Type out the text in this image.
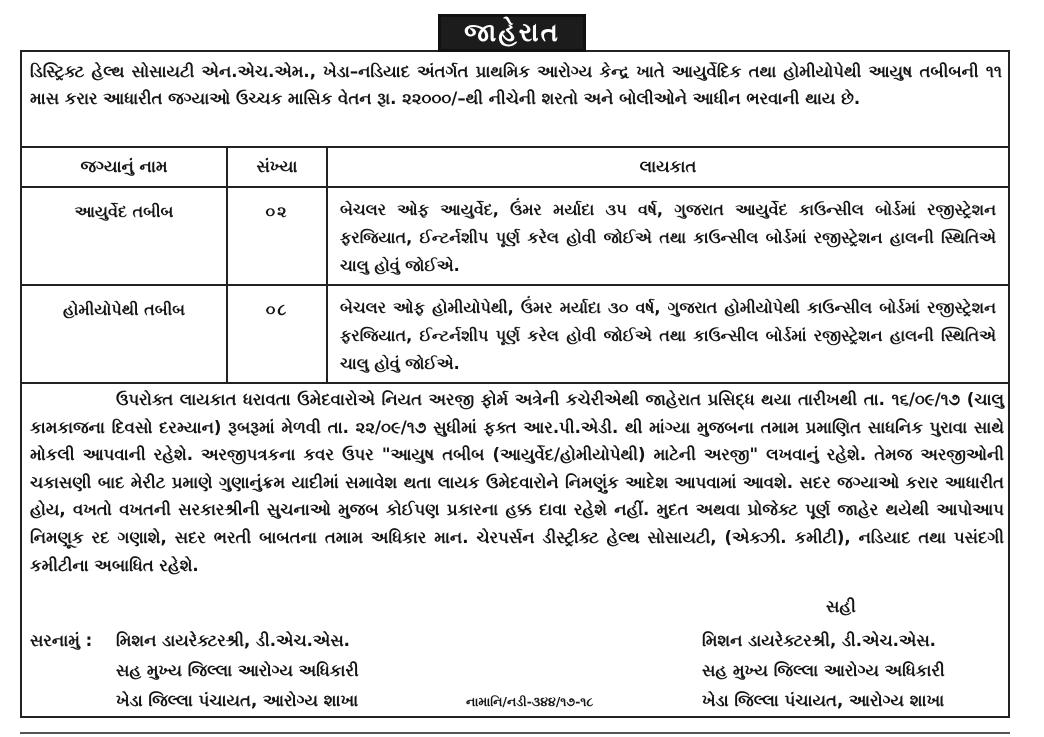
જાહેરાત
ડિસ્ટ્રિક્ટ હેલ્થ સોસાયટી એન.એચ.એમ., ખેડા–નડિયાદ અંતર્ગત પ્રાથમિક આરોગ્ય કેન્દ્ર ખાતે આયુર્વેદિક તથા હોમીયોપેથી આયુષ તબીબની ૧૧ માસ કરાર આધારીત જગ્યાઓ ઉચ્ચક માસિક વેતન રૂા. ૨૨૦૦૦/–થી નીચેની શરતો અને બોલીઓને આધીન ભરવાની થાય છે.
જગ્યાનું નામ	સંખ્યા	લાયકાત
આયુર્વેદ તબીબ	૦૨	બેચલર ઓફ આયુર્વેદ, ઉંમર મર્યાદા ૩૫ વર્ષ, ગુજરાત આયુર્વેદ કાઉન્સીલ બોર્ડમાં રજીસ્ટ્રેશન ફરજિયાત, ઈન્ટર્નશીપ પૂર્ણ કરેલ હોવી જોઈએ તથા કાઉન્સીલ બોર્ડમાં રજીસ્ટ્રેશન હાલની સ્થિતિએ ચાલુ હોવું જોઈએ.
હોમીયોપેથી તબીબ	૦૮	બેચલર ઓફ હોમીયોપેથી, ઉંમર મર્યાદા ૩૦ વર્ષ, ગુજરાત હોમીયોપેથી કાઉન્સીલ બોર્ડમાં રજીસ્ટ્રેશન ફરજિયાત, ઈન્ટર્નશીપ પૂર્ણ કરેલ હોવી જોઈએ તથા કાઉન્સીલ બોર્ડમાં રજીસ્ટ્રેશન હાલની સ્થિતિએ ચાલુ હોવું જોઈએ.
ઉપરોક્ત લાયકાત ધરાવતા ઉમેદવારોએ નિયત અરજી ફોર્મ અત્રેની કચેરીએથી જાહેરાત પ્રસિદ્ધ થયા તારીખથી તા. ૧૬/૦૯/૧૭ (ચાલુ કામકાજના દિવસો દરમ્યાન) રૂબરૂમાં મેળવી તા. ૨૨/૦૯/૧૭ સુધીમાં ફક્ત આર.પી.એડી. થી માંગ્યા મુજબના તમામ પ્રમાણિત સાધનિક પુરાવા સાથે મોકલી આપવાની રહેશે. અરજીપત્રકના કવર ઉપર "આયુષ તબીબ (આયુર્વેદ/હોમીયોપેથી) માટેની અરજી" લખવાનું રહેશે. તેમજ અરજીઓની ચકાસણી બાદ મેરીટ પ્રમાણે ગુણાનુંક્રમ યાદીમાં સમાવેશ થતા લાયક ઉમેદવારોને નિમણુંક આદેશ આપવામાં આવશે. સદર જગ્યાઓ કરાર આધારીત હોય, વખતો વખતની સરકારશ્રીની સુચનાઓ મુજબ કોઈપણ પ્રકારના હક્ક દાવા રહેશે નહીં. મુદત અથવા પ્રોજેક્ટ પૂર્ણ જાહેર થયેથી આપોઆપ નિમણૂક રદ ગણાશે, સદર ભરતી બાબતના તમામ અધિકાર માન. ચેરપર્સન ડીસ્ટ્રીક્ટ હેલ્થ સોસાયટી, (એક્ઝી. કમીટી), નડિયાદ તથા પસંદગી કમીટીના અબાધિત રહેશે.
સહી
સરનામું :	મિશન ડાયરેક્ટરશ્રી, ડી.એચ.એસ.
સહ મુખ્ય જિલ્લા આરોગ્ય અધિકારી
ખેડા જિલ્લા પંચાયત, આરોગ્ય શાખા
મિશન ડાયરેક્ટરશ્રી, ડી.એચ.એસ.
સહ મુખ્ય જિલ્લા આરોગ્ય અધિકારી
ખેડા જિલ્લા પંચાયત, આરોગ્ય શાખા
નામાનિ/નડી-૩૪૪/૧૭-૧૮
